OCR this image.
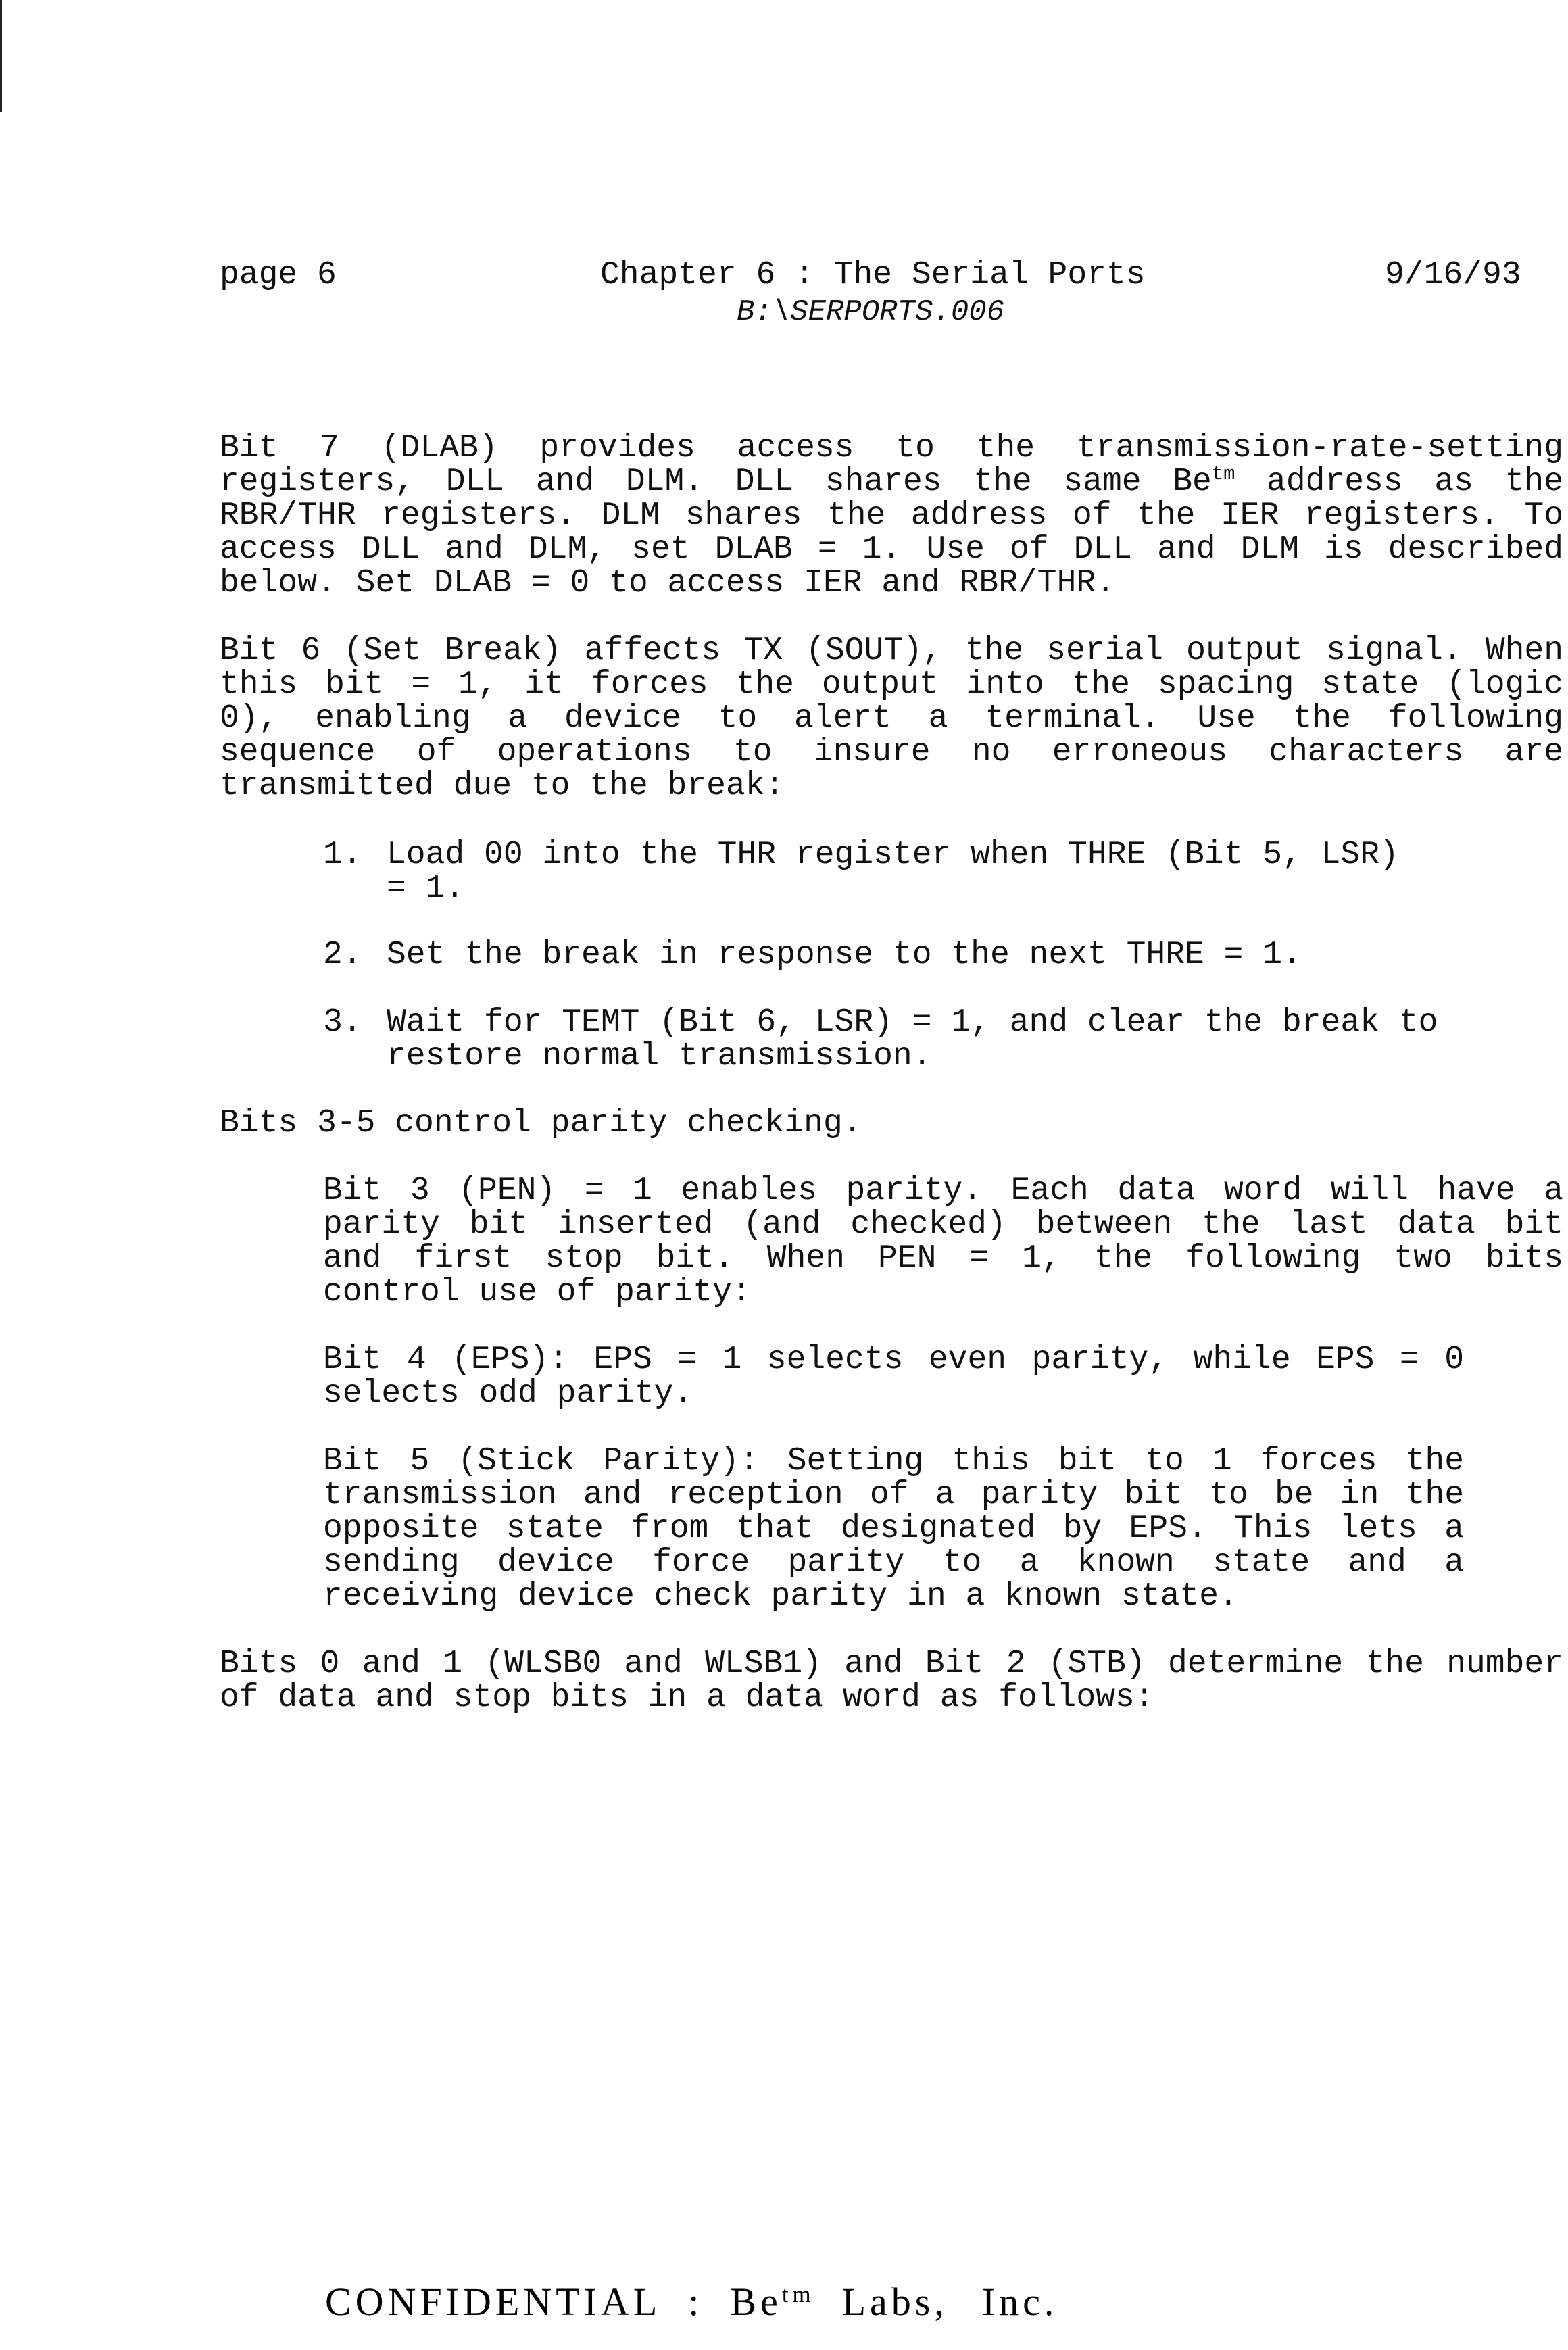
page 6	Chapter 6 : The Serial Ports	9/16/93
B:\SERPORTS.006
Bit 7 (DLAB) provides access to the transmission-rate-setting
registers, DLL and DLM. DLL shares the same $Be^{tm}$ address as the
RBR/THR registers. DLM shares the address of the IER registers. To
access DLL and DLM, set DLAB = 1. Use of DLL and DLM is described
below. Set DLAB = 0 to access IER and RBR/THR.
Bit 6 (Set Break) affects TX (SOUT), the serial output signal. When
this bit = 1, it forces the output into the spacing state (logic
0), enabling a device to alert a terminal. Use the following
sequence of operations to insure no erroneous characters are
transmitted due to the break:
1. Load 00 into the THR register when THRE (Bit 5, LSR)
= 1.
2. Set the break in response to the next THRE = 1.
3. Wait for TEMT (Bit 6, LSR) = 1, and clear the break to
restore normal transmission.
Bits 3-5 control parity checking.
Bit 3 (PEN) = 1 enables parity. Each data word will have a
parity bit inserted (and checked) between the last data bit
and first stop bit. When PEN = 1, the following two bits
control use of parity:
Bit 4 (EPS): EPS = 1 selects even parity, while EPS = 0
selects odd parity.
Bit 5 (Stick Parity): Setting this bit to 1 forces the
transmission and reception of a parity bit to be in the
opposite state from that designated by EPS. This lets a
sending device force parity to a known state and a
receiving device check parity in a known state.
Bits 0 and 1 (WLSB0 and WLSB1) and Bit 2 (STB) determine the number
of data and stop bits in a data word as follows:

CONFIDENTIAL : $Be^{tm}$ Labs, Inc.
